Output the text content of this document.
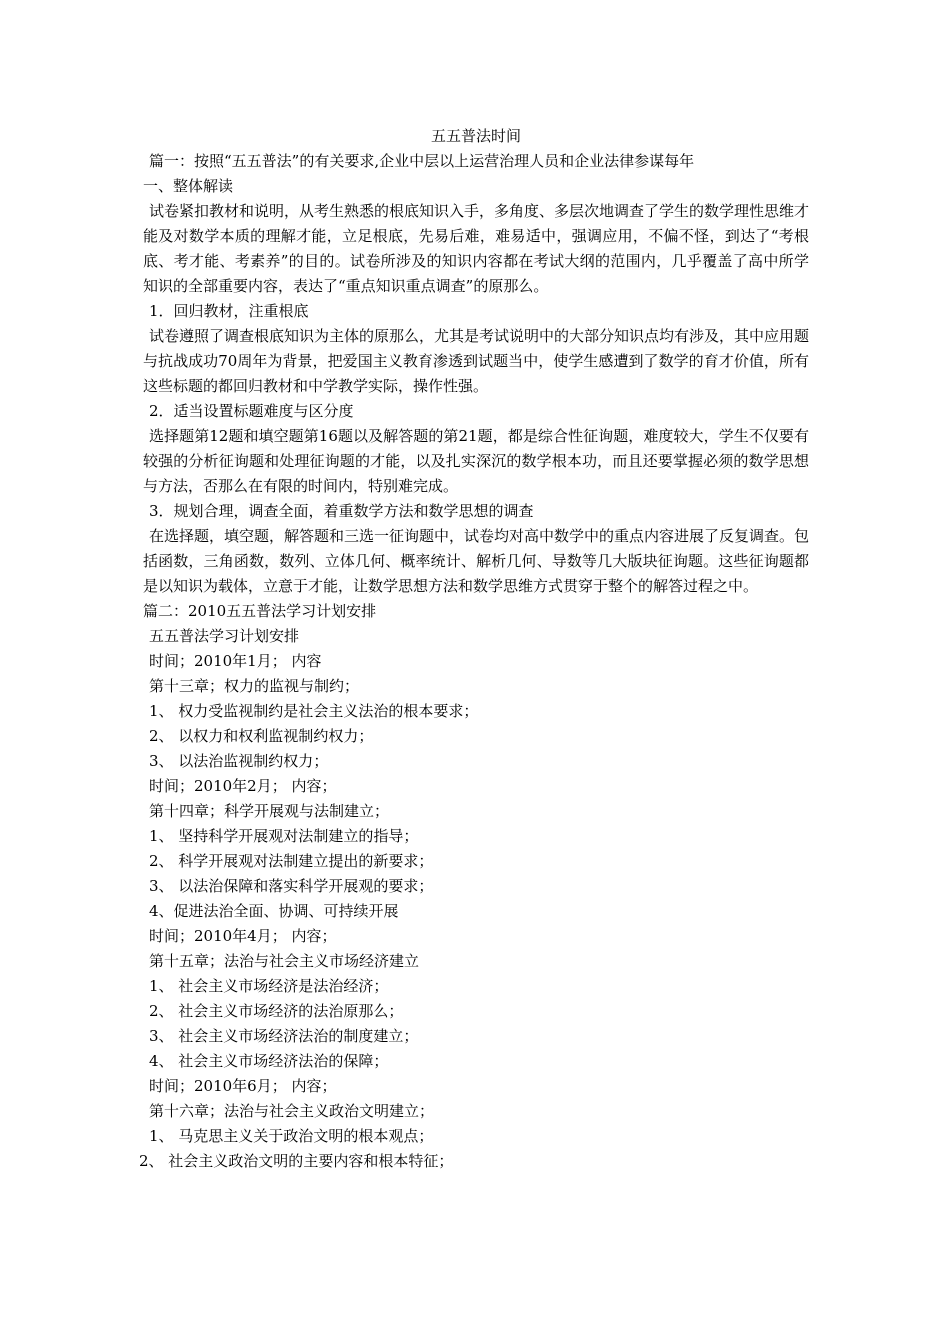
五五普法时间

篇一：按照“五五普法”的有关要求,企业中层以上运营治理人员和企业法律参谋每年

一、整体解读

试卷紧扣教材和说明，从考生熟悉的根底知识入手，多角度、多层次地调查了学生的数学理性思维才能及对数学本质的理解才能，立足根底，先易后难，难易适中，强调应用，不偏不怪，到达了“考根底、考才能、考素养”的目的。试卷所涉及的知识内容都在考试大纲的范围内，几乎覆盖了高中所学知识的全部重要内容，表达了“重点知识重点调查”的原那么。

1．回归教材，注重根底

试卷遵照了调查根底知识为主体的原那么，尤其是考试说明中的大部分知识点均有涉及，其中应用题与抗战成功70周年为背景，把爱国主义教育渗透到试题当中，使学生感遭到了数学的育才价值，所有这些标题的都回归教材和中学教学实际，操作性强。

2．适当设置标题难度与区分度

选择题第12题和填空题第16题以及解答题的第21题，都是综合性征询题，难度较大，学生不仅要有较强的分析征询题和处理征询题的才能，以及扎实深沉的数学根本功，而且还要掌握必须的数学思想与方法，否那么在有限的时间内，特别难完成。

3．规划合理，调查全面，着重数学方法和数学思想的调查

在选择题，填空题，解答题和三选一征询题中，试卷均对高中数学中的重点内容进展了反复调查。包括函数，三角函数，数列、立体几何、概率统计、解析几何、导数等几大版块征询题。这些征询题都是以知识为载体，立意于才能，让数学思想方法和数学思维方式贯穿于整个的解答过程之中。

篇二：2010五五普法学习计划安排

五五普法学习计划安排

时间；2010年1月； 内容

第十三章；权力的监视与制约；

1、 权力受监视制约是社会主义法治的根本要求；

2、 以权力和权利监视制约权力；

3、 以法治监视制约权力；

时间；2010年2月； 内容；

第十四章；科学开展观与法制建立；

1、 坚持科学开展观对法制建立的指导；

2、 科学开展观对法制建立提出的新要求；

3、 以法治保障和落实科学开展观的要求；

4、促进法治全面、协调、可持续开展

时间；2010年4月； 内容；

第十五章；法治与社会主义市场经济建立

1、 社会主义市场经济是法治经济；

2、 社会主义市场经济的法治原那么；

3、 社会主义市场经济法治的制度建立；

4、 社会主义市场经济法治的保障；

时间；2010年6月； 内容；

第十六章；法治与社会主义政治文明建立；

1、 马克思主义关于政治文明的根本观点；

2、 社会主义政治文明的主要内容和根本特征；
